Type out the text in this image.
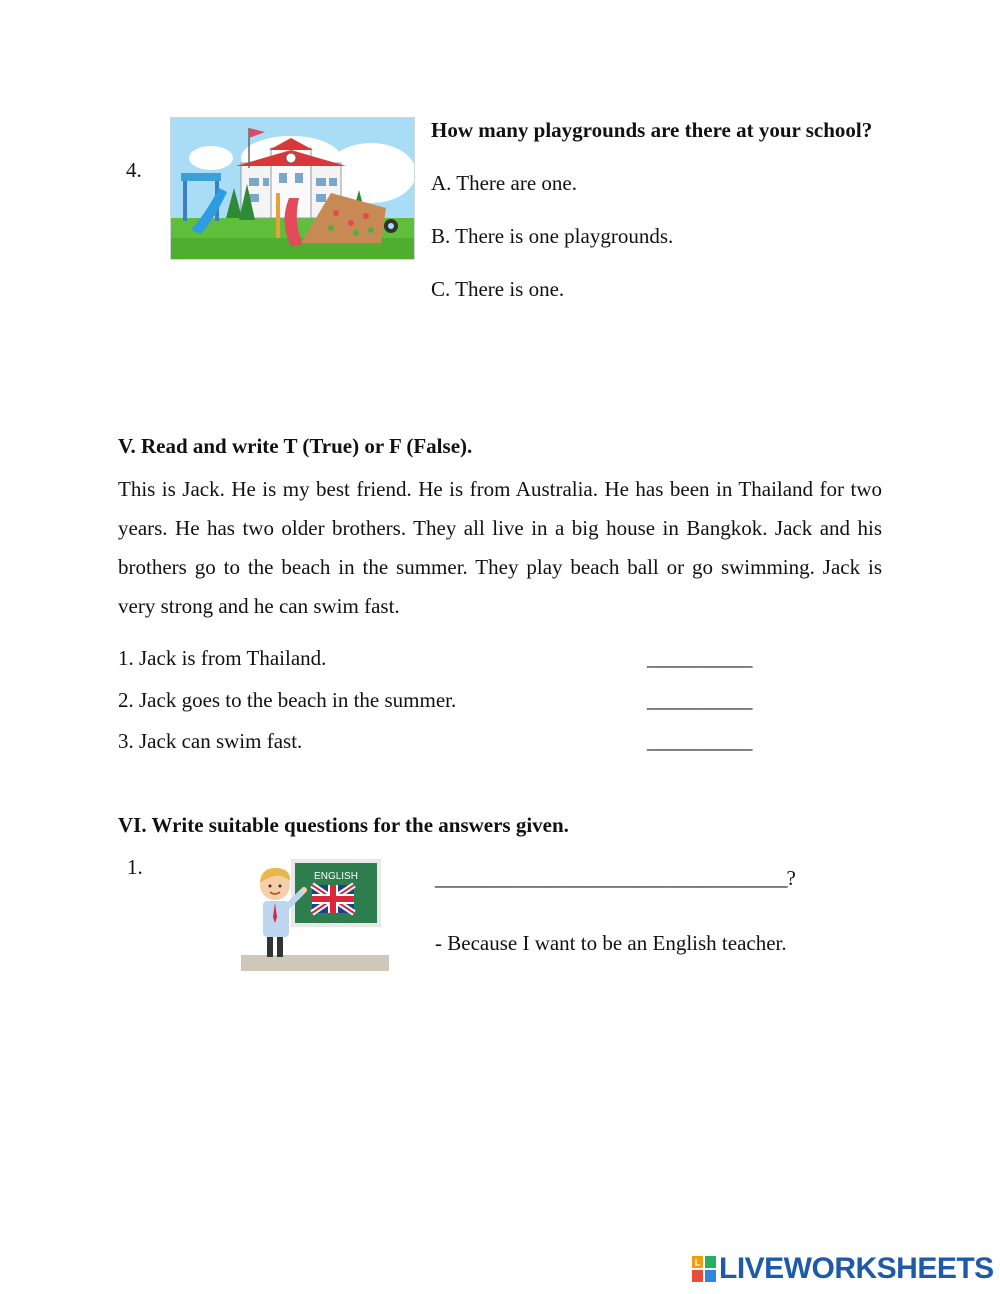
4.
How many playgrounds are there at your school?
A. There are one.
B. There is one playgrounds.
C. There is one.
V. Read and write T (True) or F (False).
This is Jack. He is my best friend. He is from Australia. He has been in Thailand for two years. He has two older brothers. They all live in a big house in Bangkok. Jack and his brothers go to the beach in the summer. They play beach ball or go swimming. Jack is very strong and he can swim fast.
1. Jack is from Thailand.	___________
2. Jack goes to the beach in the summer.	___________
3. Jack can swim fast.	___________
VI. Write suitable questions for the answers given.
1.	ENGLISH	_____________________________________?
- Because I want to be an English teacher.
L LIVEWORKSHEETS
